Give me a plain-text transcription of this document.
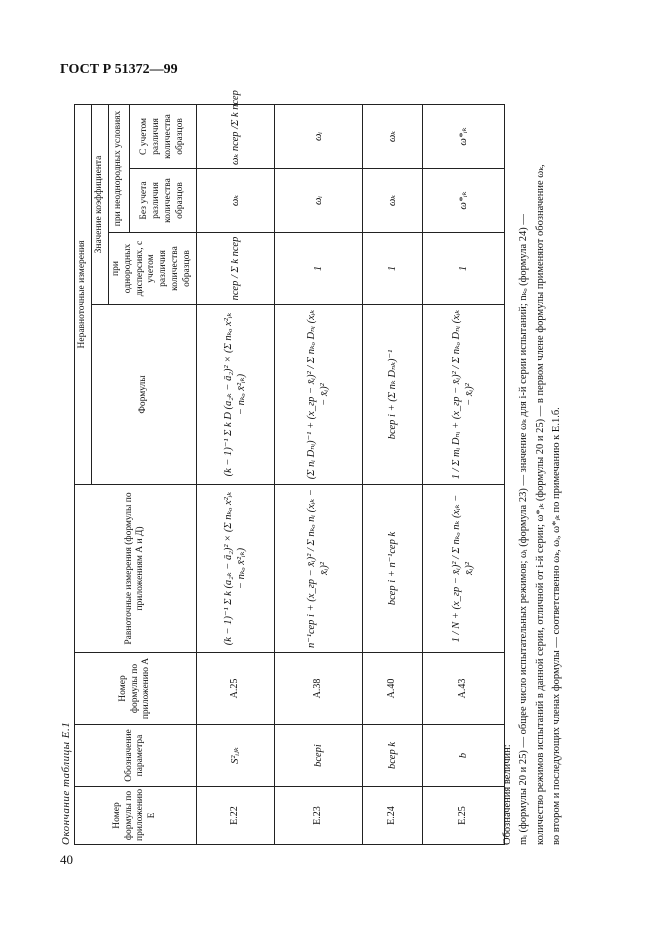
ГОСТ Р 51372—99
Окончание таблицы Е.1	Номер формулы по приложению Е	Обозначение параметра	Номер формулы по приложению А	Равноточные измерения (формулы по приложениям А и Д)	Неравноточные измерения			
				Формулы	Значение коэффициента		
					при однородных дисперсиях, с учетом различия количества образцов	при неоднородных условиях	
						Без учета различия количества образцов	С учетом различия количества образцов
Е.22	S²ᵢⱼₖ	А.25	(k − 1)⁻¹ Σ k (a₂ₖ − ā₂)² × (Σ nₖₒ x²ᵢₖ − nₖₒ x̄²ᵢₖ)	(k − 1)⁻¹ Σ k D (a₂ₖ − ā₂)² × (Σ nₖₒ x²ᵢₖ − nₖₒ x̄²ᵢₖ)	nсер / Σ k nсер	ωₖ	ωₖ nсер /Σ k nсер
Е.23	bсерi	А.38	n⁻¹сер i + (x_гр − x̄ᵢ)² / Σ nₖₒ nᵢ (xᵢₖ − x̄ᵢ)²	(Σ nᵢ Dₙᵢ)⁻¹ + (x_гр − x̄ᵢ)² / Σ nₖₒ Dₙᵢ (xᵢₖ − x̄ᵢ)²	1	ωᵢ	ωᵢ
Е.24	bсер k	А.40	bсер i + n⁻¹сер k	bсер i + (Σ nₖ Dₙₖ)⁻¹	1	ωₖ	ωₖ
Е.25	b	А.43	1 / N + (x_гр − x̄ᵢ)² / Σ nₖₒ nₖ (xᵢₖ − x̄ᵢ)²	1 / Σ mᵢ Dₙᵢ + (x_гр − x̄ᵢ)² / Σ nₖₒ Dₙᵢ (xᵢₖ − x̄ᵢ)²	1	ω*ᵢₖ	ω*ᵢₖ

Обозначения величин: mᵢ (формулы 20 и 25) — общее число испытательных режимов; ωᵢ (формула 23) — значение ωₖ для i-й серии испытаний; nₖₒ (формула 24) — количество режимов испытаний в данной серии, отличной от i-й серии; ω*ᵢₖ (формулы 20 и 25) — в первом члене формулы применяют обозначение ωₖ, во втором и последующих членах формулы — соответственно ωₖ, ωᵢ, ω*ᵢₖ по примечанию к Е.1.б.

40
